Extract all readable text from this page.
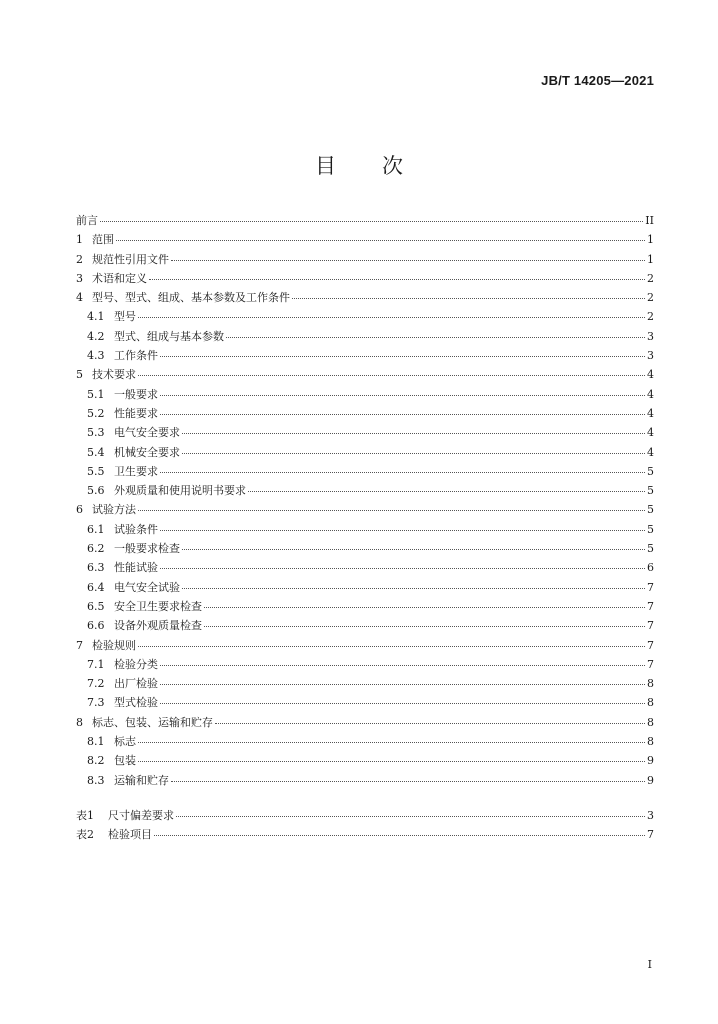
JB/T 14205—2021
目 次
前言	II
1 范围	1
2 规范性引用文件	1
3 术语和定义	2
4 型号、型式、组成、基本参数及工作条件	2
4.1 型号	2
4.2 型式、组成与基本参数	3
4.3 工作条件	3
5 技术要求	4
5.1 一般要求	4
5.2 性能要求	4
5.3 电气安全要求	4
5.4 机械安全要求	4
5.5 卫生要求	5
5.6 外观质量和使用说明书要求	5
6 试验方法	5
6.1 试验条件	5
6.2 一般要求检查	5
6.3 性能试验	6
6.4 电气安全试验	7
6.5 安全卫生要求检查	7
6.6 设备外观质量检查	7
7 检验规则	7
7.1 检验分类	7
7.2 出厂检验	8
7.3 型式检验	8
8 标志、包装、运输和贮存	8
8.1 标志	8
8.2 包装	9
8.3 运输和贮存	9
表1	尺寸偏差要求	3
表2	检验项目	7
I
